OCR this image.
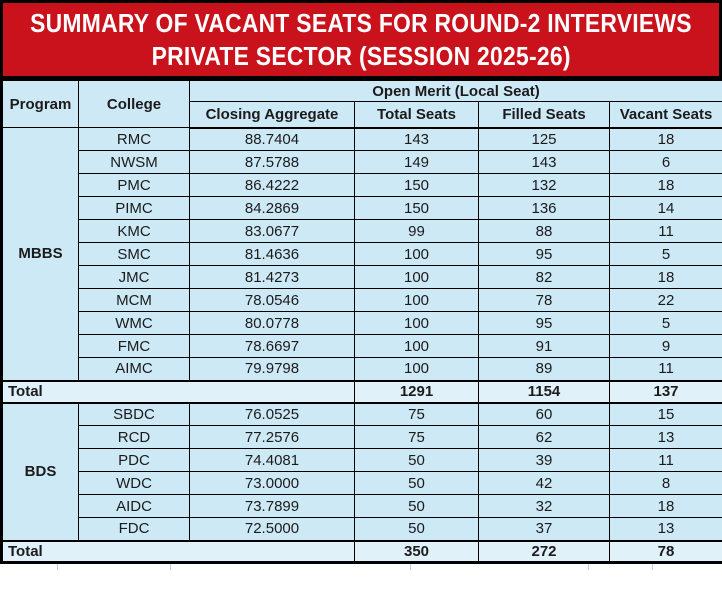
SUMMARY OF VACANT SEATS FOR ROUND-2 INTERVIEWS
PRIVATE SECTOR (SESSION 2025-26)
Program	College	Open Merit (Local Seat)			
		Closing Aggregate	Total Seats	Filled Seats	Vacant Seats
MBBS	RMC	88.7404	143	125	18
	NWSM	87.5788	149	143	6
	PMC	86.4222	150	132	18
	PIMC	84.2869	150	136	14
	KMC	83.0677	99	88	11
	SMC	81.4636	100	95	5
	JMC	81.4273	100	82	18
	MCM	78.0546	100	78	22
	WMC	80.0778	100	95	5
	FMC	78.6697	100	91	9
	AIMC	79.9798	100	89	11
Total			1291	1154	137
BDS	SBDC	76.0525	75	60	15
	RCD	77.2576	75	62	13
	PDC	74.4081	50	39	11
	WDC	73.0000	50	42	8
	AIDC	73.7899	50	32	18
	FDC	72.5000	50	37	13
Total			350	272	78
